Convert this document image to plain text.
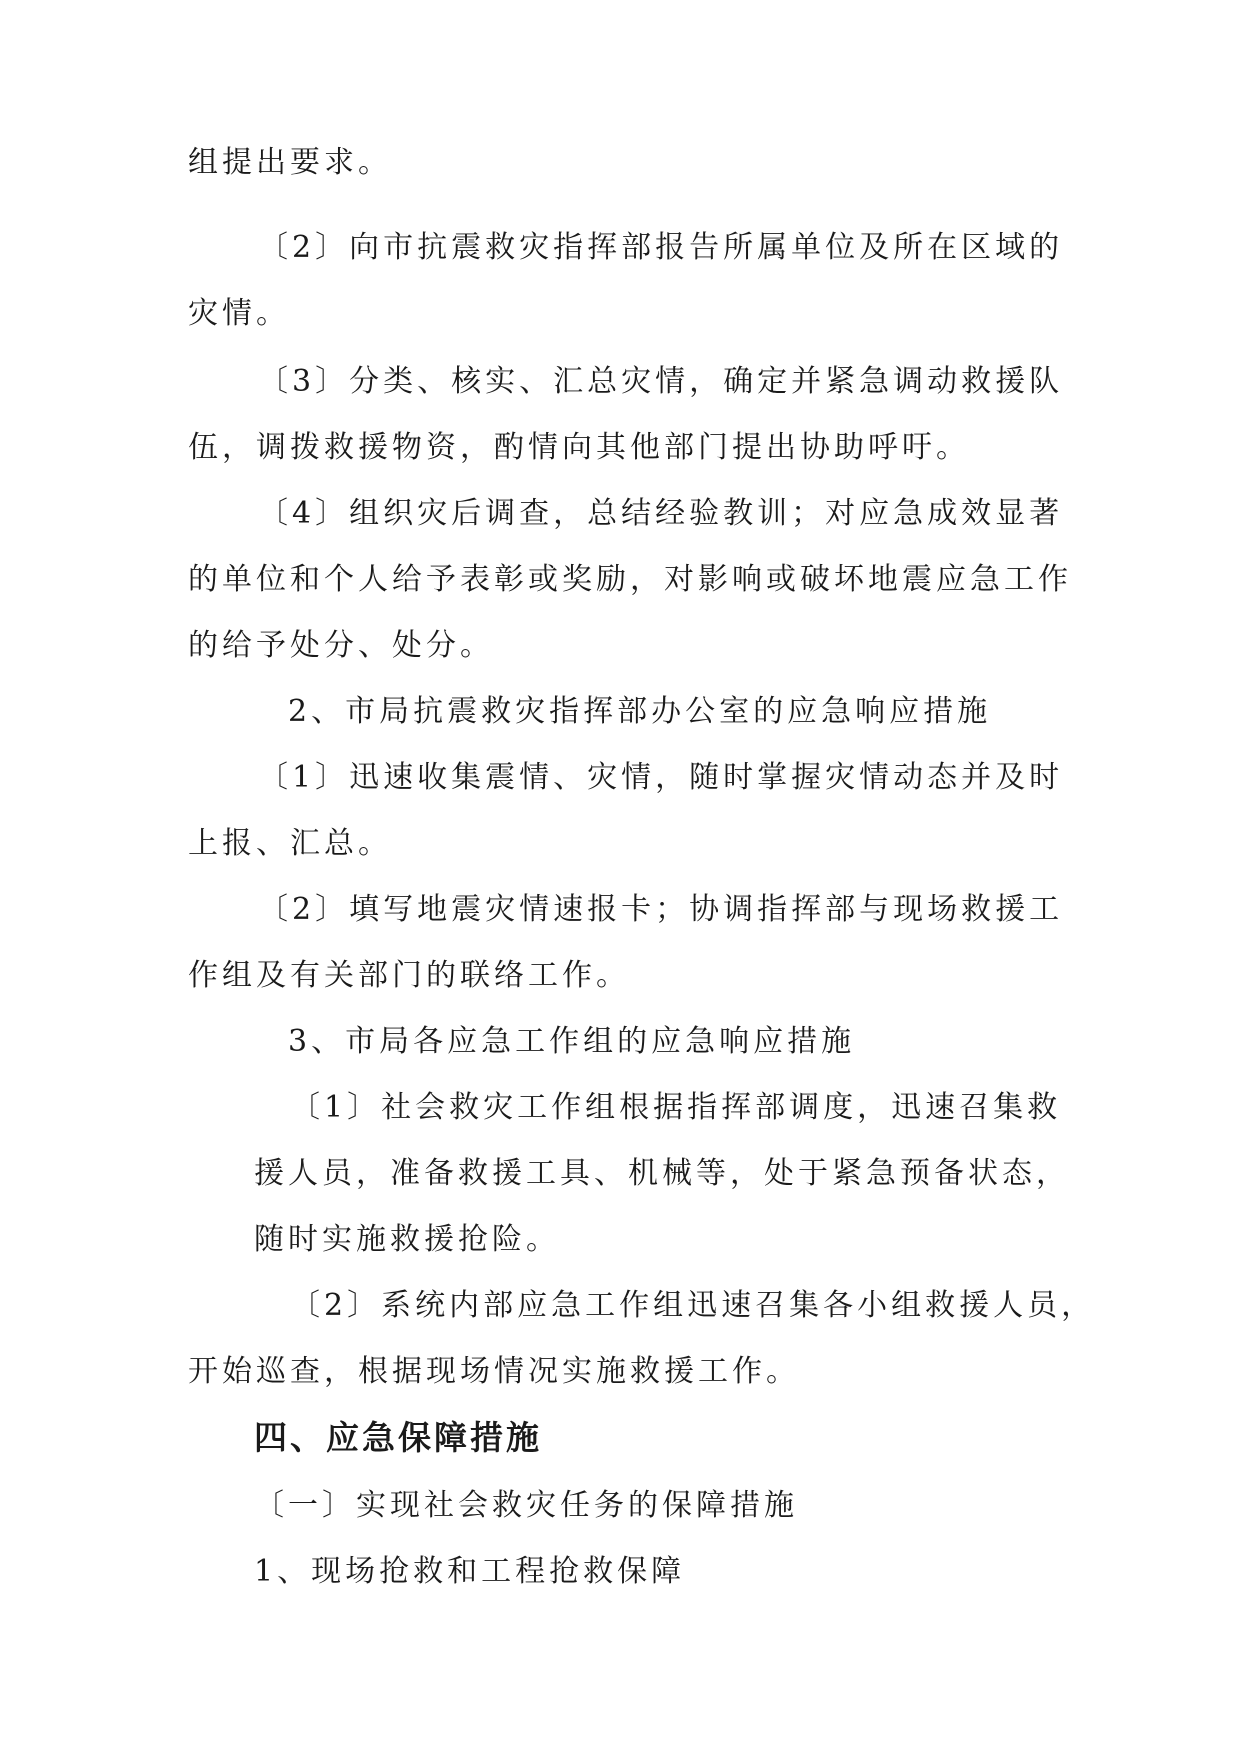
组提出要求。
〔2〕向市抗震救灾指挥部报告所属单位及所在区域的
灾情。
〔3〕分类、核实、汇总灾情，确定并紧急调动救援队
伍，调拨救援物资，酌情向其他部门提出协助呼吁。
〔4〕组织灾后调查，总结经验教训；对应急成效显著
的单位和个人给予表彰或奖励，对影响或破坏地震应急工作
的给予处分、处分。
2、市局抗震救灾指挥部办公室的应急响应措施
〔1〕迅速收集震情、灾情，随时掌握灾情动态并及时
上报、汇总。
〔2〕填写地震灾情速报卡；协调指挥部与现场救援工
作组及有关部门的联络工作。
3、市局各应急工作组的应急响应措施
〔1〕社会救灾工作组根据指挥部调度，迅速召集救
援人员，准备救援工具、机械等，处于紧急预备状态，
随时实施救援抢险。
〔2〕系统内部应急工作组迅速召集各小组救援人员，
开始巡查，根据现场情况实施救援工作。
四、应急保障措施
〔一〕实现社会救灾任务的保障措施
1、现场抢救和工程抢救保障
